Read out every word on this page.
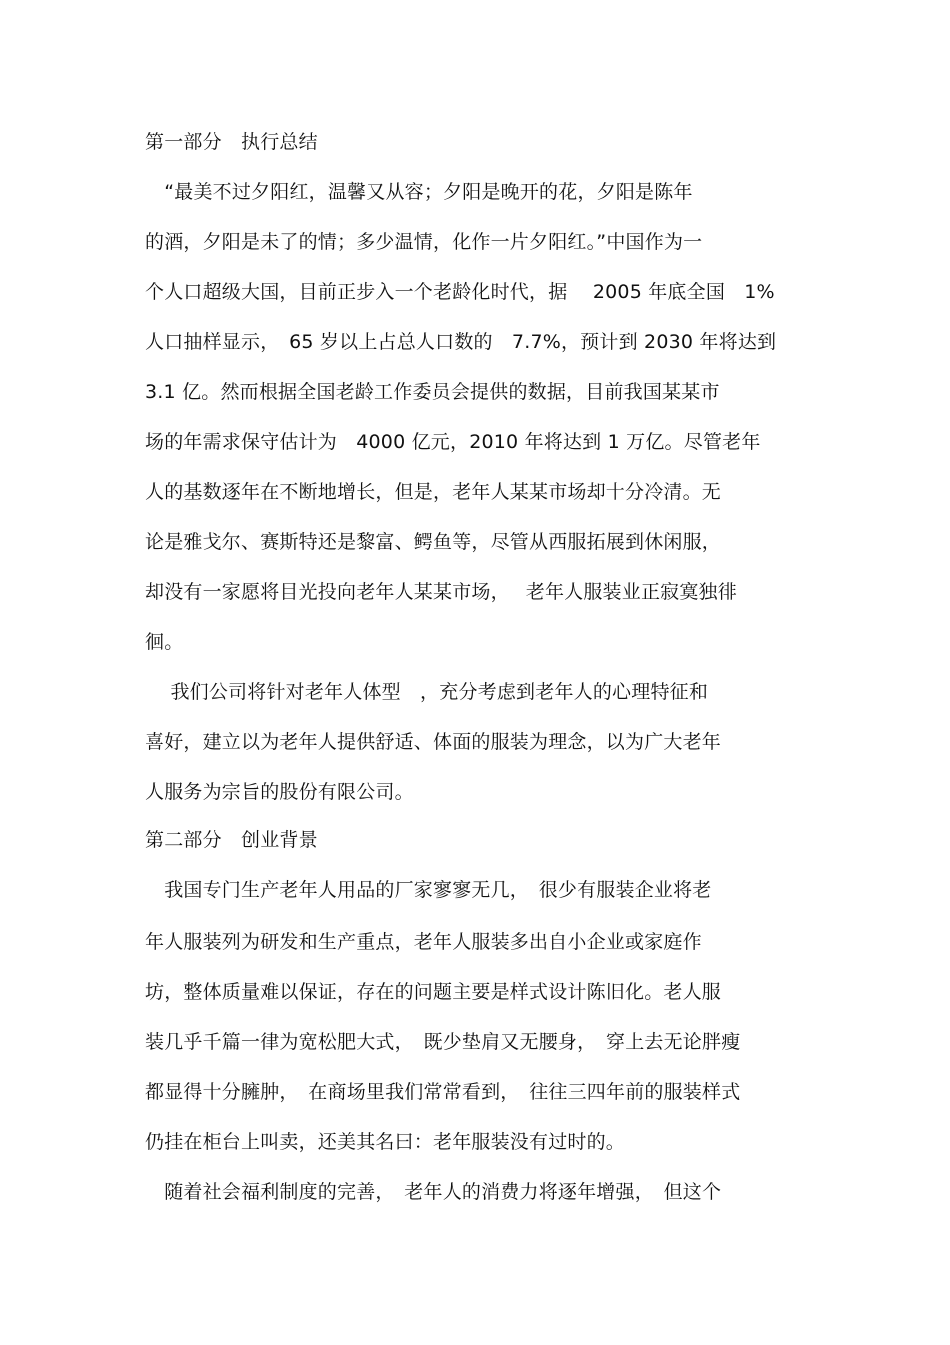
第一部分　执行总结
　“最美不过夕阳红，温馨又从容；夕阳是晚开的花，夕阳是陈年
的酒，夕阳是未了的情；多少温情，化作一片夕阳红。”中国作为一
个人口超级大国，目前正步入一个老龄化时代，据　 2005 年底全国　1%
人口抽样显示，　65 岁以上占总人口数的　7.7%，预计到 2030 年将达到
3.1 亿。然而根据全国老龄工作委员会提供的数据，目前我国某某市
场的年需求保守估计为　4000 亿元，2010 年将达到 1 万亿。尽管老年
人的基数逐年在不断地增长，但是，老年人某某市场却十分冷清。无
论是雅戈尔、赛斯特还是黎富、鳄鱼等，尽管从西服拓展到休闲服，
却没有一家愿将目光投向老年人某某市场，　 老年人服装业正寂寞独徘
徊。
　 我们公司将针对老年人体型　，充分考虑到老年人的心理特征和
喜好，建立以为老年人提供舒适、体面的服装为理念，以为广大老年
人服务为宗旨的股份有限公司。
第二部分　创业背景
　我国专门生产老年人用品的厂家寥寥无几，　很少有服装企业将老
年人服装列为研发和生产重点，老年人服装多出自小企业或家庭作
坊，整体质量难以保证，存在的问题主要是样式设计陈旧化。老人服
装几乎千篇一律为宽松肥大式，　既少垫肩又无腰身，　穿上去无论胖瘦
都显得十分臃肿，　在商场里我们常常看到，　往往三四年前的服装样式
仍挂在柜台上叫卖，还美其名曰：老年服装没有过时的。
　随着社会福利制度的完善，　老年人的消费力将逐年增强，　但这个
